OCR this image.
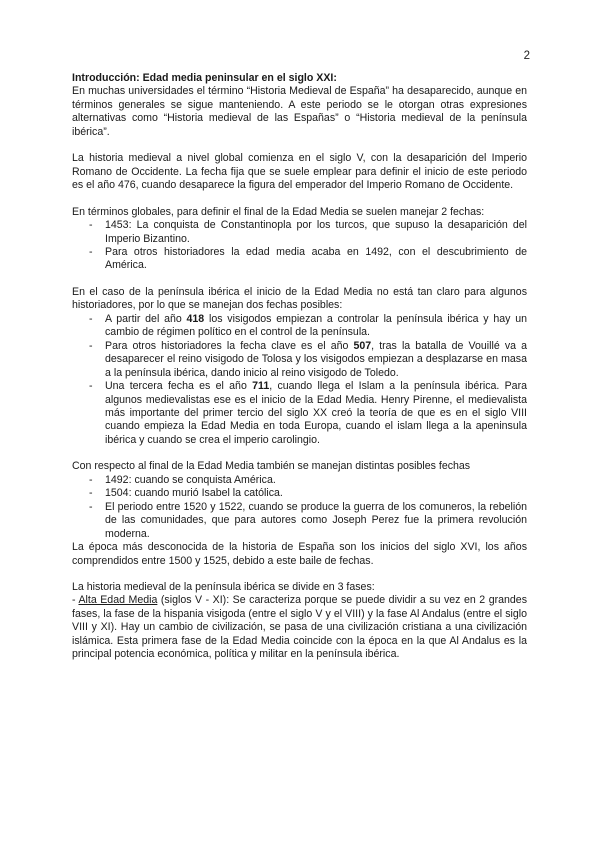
2

Introducción: Edad media peninsular en el siglo XXI:

En muchas universidades el término “Historia Medieval de España” ha desaparecido, aunque en términos generales se sigue manteniendo. A este periodo se le otorgan otras expresiones alternativas como “Historia medieval de las Españas” o “Historia medieval de la península ibérica”.

La historia medieval a nivel global comienza en el siglo V, con la desaparición del Imperio Romano de Occidente. La fecha fija que se suele emplear para definir el inicio de este periodo es el año 476, cuando desaparece la figura del emperador del Imperio Romano de Occidente.

En términos globales, para definir el final de la Edad Media se suelen manejar 2 fechas:

- 1453: La conquista de Constantinopla por los turcos, que supuso la desaparición del Imperio Bizantino.
- Para otros historiadores la edad media acaba en 1492, con el descubrimiento de América.

En el caso de la península ibérica el inicio de la Edad Media no está tan claro para algunos historiadores, por lo que se manejan dos fechas posibles:

- A partir del año 418 los visigodos empiezan a controlar la península ibérica y hay un cambio de régimen político en el control de la península.
- Para otros historiadores la fecha clave es el año 507, tras la batalla de Vouillé va a desaparecer el reino visigodo de Tolosa y los visigodos empiezan a desplazarse en masa a la península ibérica, dando inicio al reino visigodo de Toledo.
- Una tercera fecha es el año 711, cuando llega el Islam a la península ibérica. Para algunos medievalistas ese es el inicio de la Edad Media. Henry Pirenne, el medievalista más importante del primer tercio del siglo XX creó la teoría de que es en el siglo VIII cuando empieza la Edad Media en toda Europa, cuando el islam llega a la apeninsula ibérica y cuando se crea el imperio carolingio.

Con respecto al final de la Edad Media también se manejan distintas posibles fechas

- 1492: cuando se conquista América.
- 1504: cuando murió Isabel la católica.
- El periodo entre 1520 y 1522, cuando se produce la guerra de los comuneros, la rebelión de las comunidades, que para autores como Joseph Perez fue la primera revolución moderna.

La época más desconocida de la historia de España son los inicios del siglo XVI, los años comprendidos entre 1500 y 1525, debido a este baile de fechas.

La historia medieval de la península ibérica se divide en 3 fases:

- Alta Edad Media (siglos V - XI): Se caracteriza porque se puede dividir a su vez en 2 grandes fases, la fase de la hispania visigoda (entre el siglo V y el VIII) y la fase Al Andalus (entre el siglo VIII y XI). Hay un cambio de civilización, se pasa de una civilización cristiana a una civilización islámica. Esta primera fase de la Edad Media coincide con la época en la que Al Andalus es la principal potencia económica, política y militar en la península ibérica.
